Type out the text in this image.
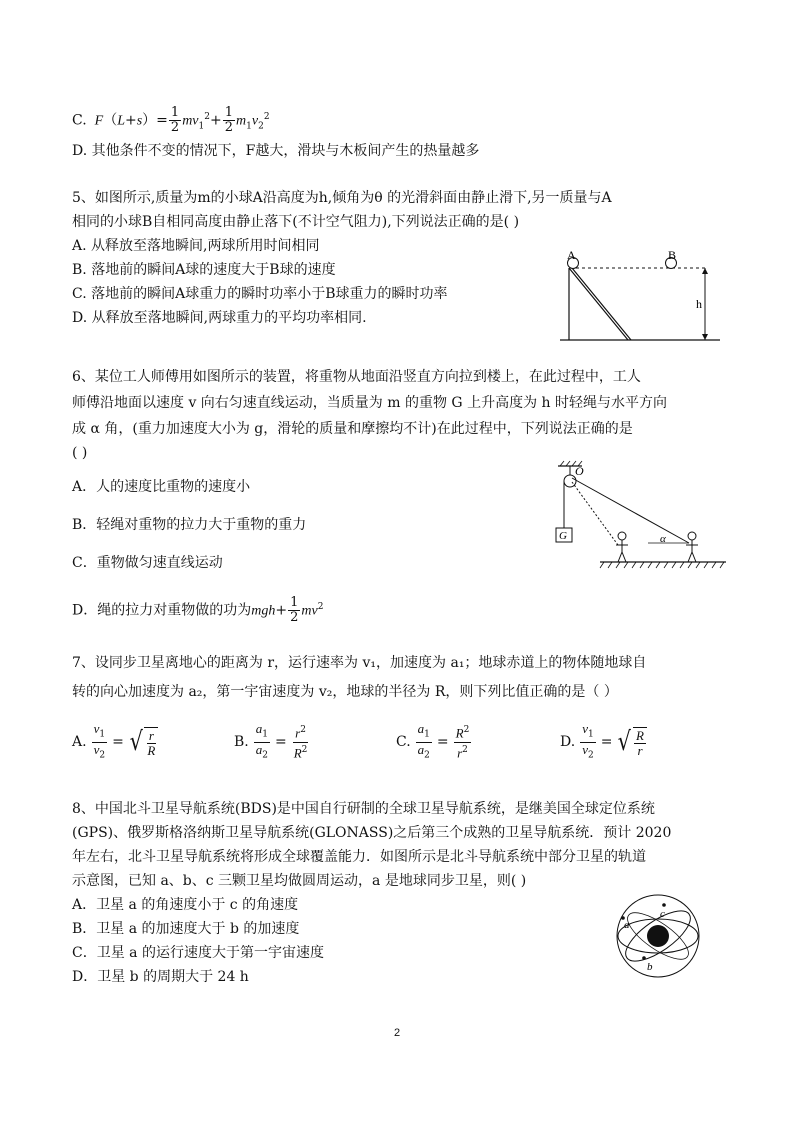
C.  $F(L+s)= \frac{1}{2} mv_1^2+ \frac{1}{2} m_1v_2^2$
D. 其他条件不变的情况下，F越大，滑块与木板间产生的热量越多
5、如图所示,质量为m的小球A沿高度为h,倾角为θ 的光滑斜面由静止滑下,另一质量与A
相同的小球B自相同高度由静止落下(不计空气阻力),下列说法正确的是( )
A. 从释放至落地瞬间,两球所用时间相同
B. 落地前的瞬间A球的速度大于B球的速度
C. 落地前的瞬间A球重力的瞬时功率小于B球重力的瞬时功率
D. 从释放至落地瞬间,两球重力的平均功率相同.
A	B
h
6、某位工人师傅用如图所示的装置，将重物从地面沿竖直方向拉到楼上，在此过程中，工人
师傅沿地面以速度 v 向右匀速直线运动，当质量为 m 的重物 G 上升高度为 h 时轻绳与水平方向
成 α 角，(重力加速度大小为 g，滑轮的质量和摩擦均不计)在此过程中，下列说法正确的是
( )
A．人的速度比重物的速度小
B．轻绳对重物的拉力大于重物的重力
C．重物做匀速直线运动
D．绳的拉力对重物做的功为$mgh+ \frac{1}{2} mv^2$
O
G	α
7、设同步卫星离地心的距离为 r，运行速率为 v₁，加速度为 a₁；地球赤道上的物体随地球自
转的向心加速度为 a₂，第一宇宙速度为 v₂，地球的半径为 R，则下列比值正确的是（ ）
A. $\frac{v_1}{v_2}$ = √ $\frac{r}{R}$	B. $\frac{a_1}{a_2} = \frac{r^2}{R^2}$	C. $\frac{a_1}{a_2} = \frac{R^2}{r^2}$	D. $\frac{v_1}{v_2}$ = √ $\frac{R}{r}$
8、中国北斗卫星导航系统(BDS)是中国自行研制的全球卫星导航系统，是继美国全球定位系统
(GPS)、俄罗斯格洛纳斯卫星导航系统(GLONASS)之后第三个成熟的卫星导航系统．预计 2020
年左右，北斗卫星导航系统将形成全球覆盖能力．如图所示是北斗导航系统中部分卫星的轨道
示意图，已知 a、b、c 三颗卫星均做圆周运动，a 是地球同步卫星，则( )
A．卫星 a 的角速度小于 c 的角速度
B．卫星 a 的加速度大于 b 的加速度
C．卫星 a 的运行速度大于第一宇宙速度
D．卫星 b 的周期大于 24 h
a
b
c
2
